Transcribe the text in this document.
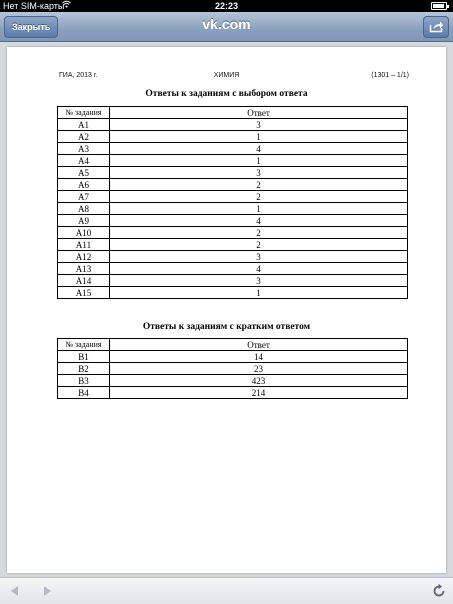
Нет SIM-карты	22:23
Закрыть	vk.com
ГИА, 2013 г.	ХИМИЯ	(1301 – 1/1)
Ответы к заданиям с выбором ответа
№ задания	Ответ
А1	3
А2	1
А3	4
А4	1
А5	3
А6	2
А7	2
А8	1
А9	4
А10	2
А11	2
А12	3
А13	4
А14	3
А15	1
Ответы к заданиям с кратким ответом
№ задания	Ответ
В1	14
В2	23
В3	423
В4	214
